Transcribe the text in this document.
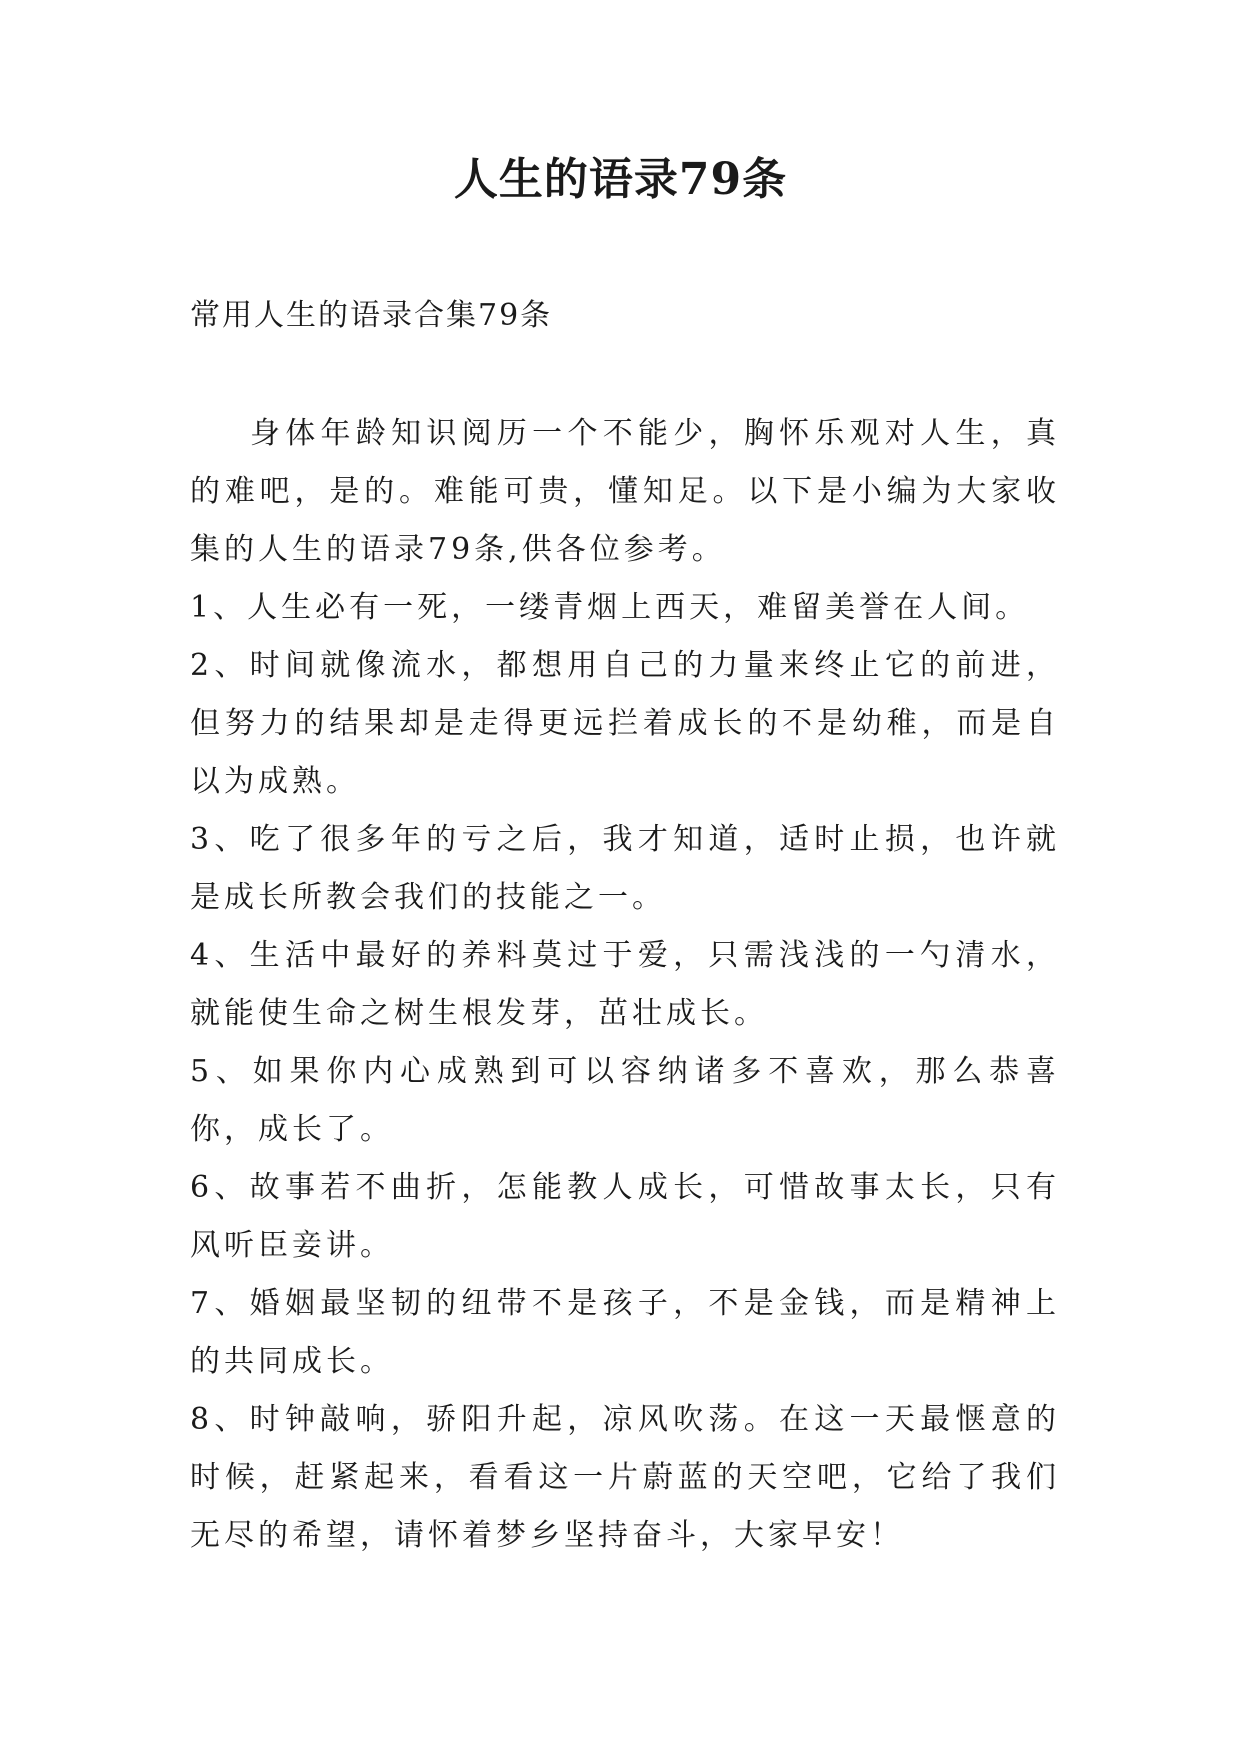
人生的语录79条
常用人生的语录合集79条

身体年龄知识阅历一个不能少，胸怀乐观对人生，真的难吧，是的。难能可贵，懂知足。以下是小编为大家收集的人生的语录79条,供各位参考。

1、人生必有一死，一缕青烟上西天，难留美誉在人间。

2、时间就像流水，都想用自己的力量来终止它的前进，但努力的结果却是走得更远拦着成长的不是幼稚，而是自以为成熟。

3、吃了很多年的亏之后，我才知道，适时止损，也许就是成长所教会我们的技能之一。

4、生活中最好的养料莫过于爱，只需浅浅的一勺清水，就能使生命之树生根发芽，茁壮成长。

5、如果你内心成熟到可以容纳诸多不喜欢，那么恭喜你，成长了。

6、故事若不曲折，怎能教人成长，可惜故事太长，只有风听臣妾讲。

7、婚姻最坚韧的纽带不是孩子，不是金钱，而是精神上的共同成长。

8、时钟敲响，骄阳升起，凉风吹荡。在这一天最惬意的时候，赶紧起来，看看这一片蔚蓝的天空吧，它给了我们无尽的希望，请怀着梦乡坚持奋斗，大家早安！
